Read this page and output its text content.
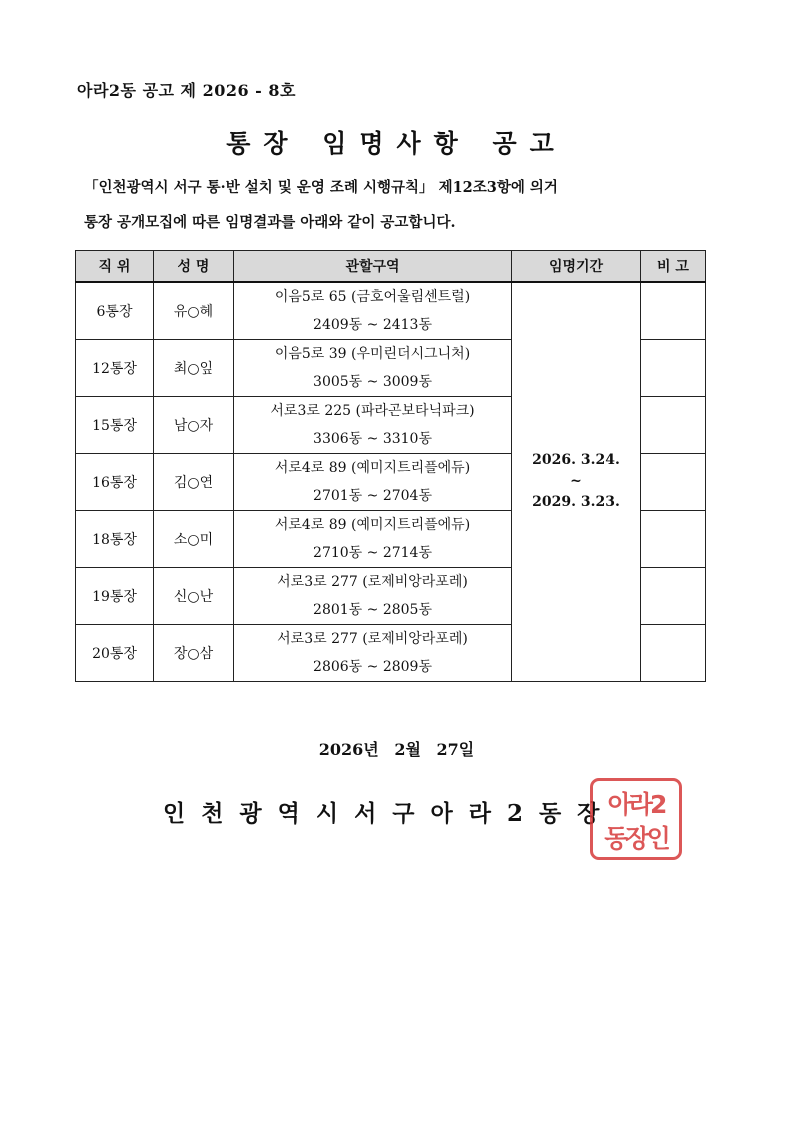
아라2동 공고 제 2026 - 8호
통장 임명사항 공고
「인천광역시 서구 통·반 설치 및 운영 조례 시행규칙」 제12조3항에 의거
통장 공개모집에 따른 임명결과를 아래와 같이 공고합니다.
직 위	성 명	관할구역	임명기간	비 고
6통장	유○혜	이음5로 65 (금호어울림센트럴)
2409동 ~ 2413동	2026. 3.24.
~
2029. 3.23.	

12통장	최○잎	이음5로 39 (우미린더시그니처)
3005동 ~ 3009동		

15통장	남○자	서로3로 225 (파라곤보타닉파크)
3306동 ~ 3310동		

16통장	김○연	서로4로 89 (예미지트리플에듀)
2701동 ~ 2704동		

18통장	소○미	서로4로 89 (예미지트리플에듀)
2710동 ~ 2714동		

19통장	신○난	서로3로 277 (로제비앙라포레)
2801동 ~ 2805동		

20통장	장○삼	서로3로 277 (로제비앙라포레)
2806동 ~ 2809동		

2026년 2월 27일
인천광역시서구아라2동장
아라2
동장인
